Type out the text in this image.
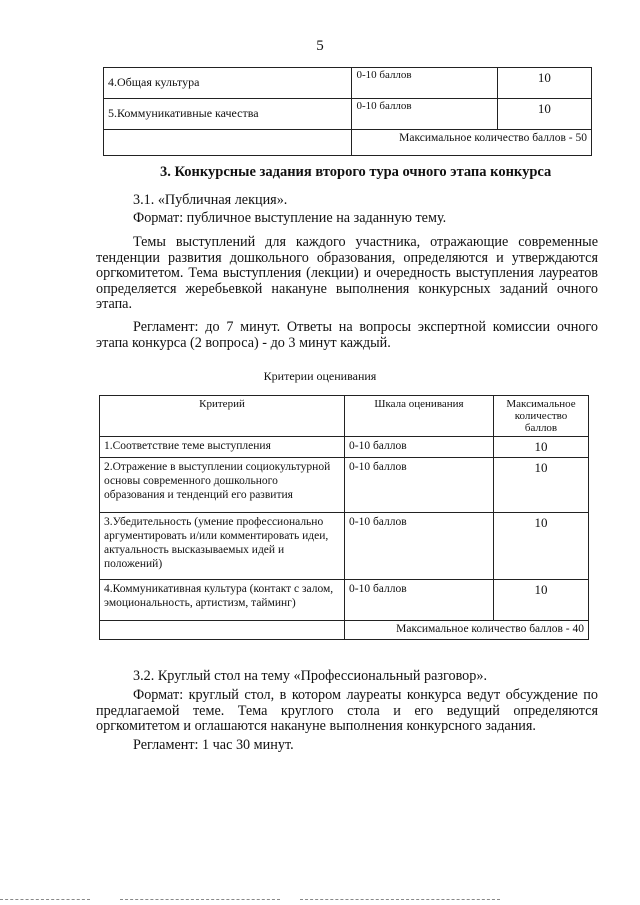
5
4.Общая культура	0-10 баллов	10
5.Коммуникативные качества	0-10 баллов	10
	Максимальное количество баллов - 50	
3. Конкурсные задания второго тура очного этапа конкурса
3.1. «Публичная лекция».
Формат: публичное выступление на заданную тему.
Темы выступлений для каждого участника, отражающие современные тенденции развития дошкольного образования, определяются и утверждаются оргкомитетом. Тема выступления (лекции) и очередность выступления лауреатов определяется жеребьевкой накануне выполнения конкурсных заданий очного этапа.
Регламент: до 7 минут. Ответы на вопросы экспертной комиссии очного этапа конкурса (2 вопроса) - до 3 минут каждый.
Критерии оценивания
Критерий	Шкала оценивания	Максимальное количество баллов
1.Соответствие теме выступления	0-10 баллов	10
2.Отражение в выступлении социокультурной основы современного дошкольного образования и тенденций его развития	0-10 баллов	10
3.Убедительность (умение профессионально аргументировать и/или комментировать идеи, актуальность высказываемых идей и положений)	0-10 баллов	10
4.Коммуникативная культура (контакт с залом, эмоциональность, артистизм, тайминг)	0-10 баллов	10
	Максимальное количество баллов - 40	
3.2. Круглый стол на тему «Профессиональный разговор».
Формат: круглый стол, в котором лауреаты конкурса ведут обсуждение по предлагаемой теме. Тема круглого стола и его ведущий определяются оргкомитетом и оглашаются накануне выполнения конкурсного задания.
Регламент: 1 час 30 минут.
